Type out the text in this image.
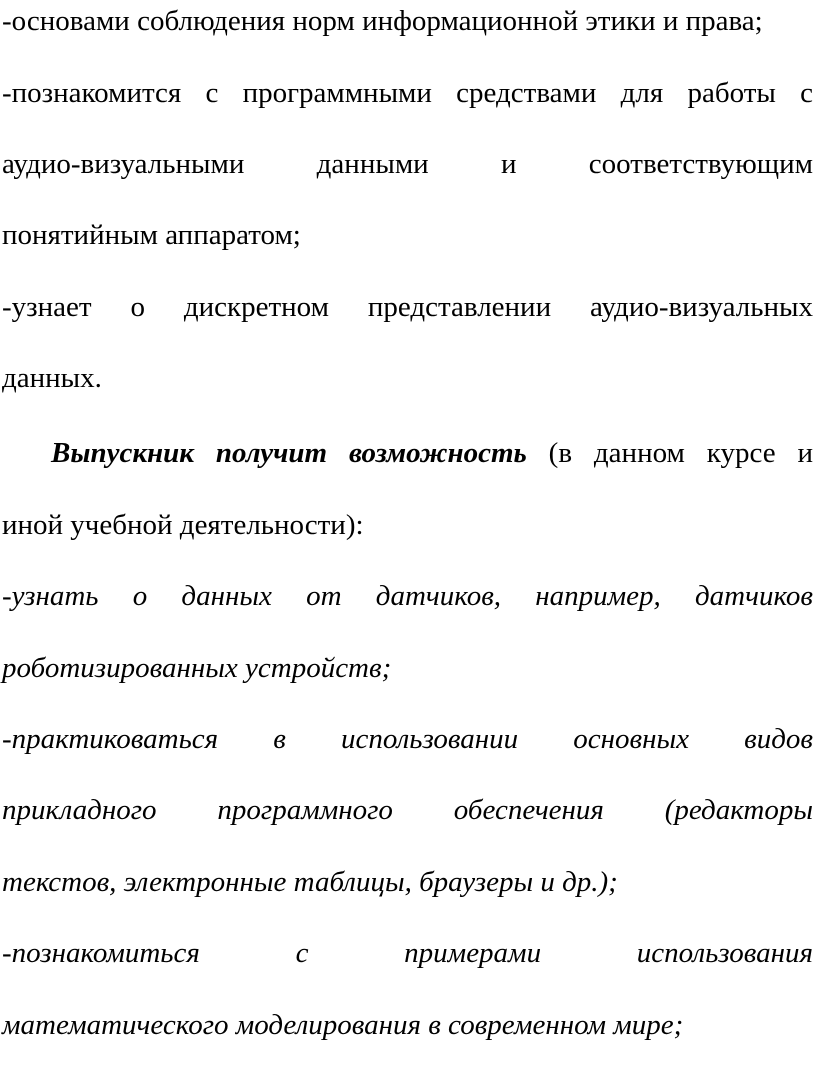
-основами соблюдения норм информационной этики и права;
-познакомится с программными средствами для работы с
аудио-визуальными данными и соответствующим
понятийным аппаратом;
-узнает о дискретном представлении аудио-визуальных
данных.
Выпускник получит возможность (в данном курсе и
иной учебной деятельности):
-узнать о данных от датчиков, например, датчиков
роботизированных устройств;
-практиковаться в использовании основных видов
прикладного программного обеспечения (редакторы
текстов, электронные таблицы, браузеры и др.);
-познакомиться с примерами использования
математического моделирования в современном мире;
